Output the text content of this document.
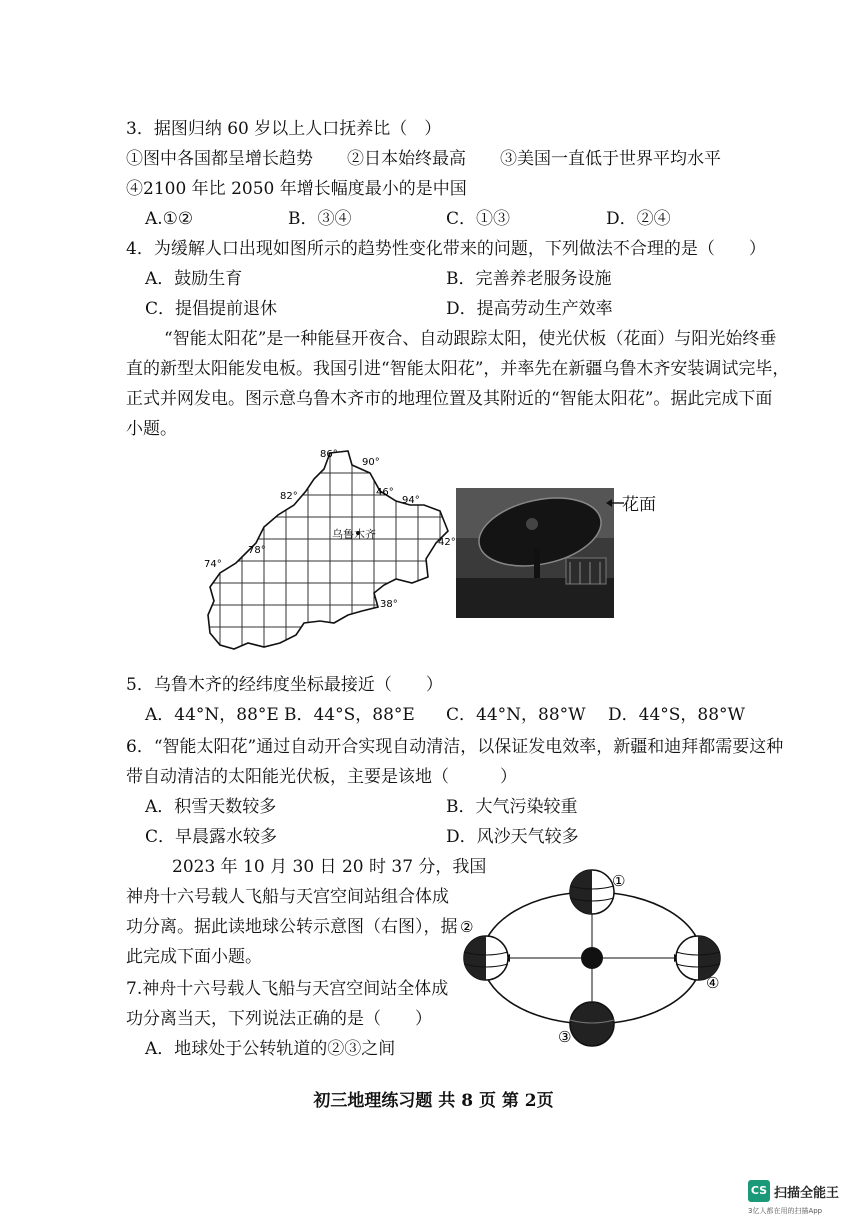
3．据图归纳 60 岁以上人口抚养比（　）
①图中各国都呈增长趋势　　②日本始终最高　　③美国一直低于世界平均水平
④2100 年比 2050 年增长幅度最小的是中国
A.①②	B．③④	C．①③	D．②④
4．为缓解人口出现如图所示的趋势性变化带来的问题，下列做法不合理的是（　　）
A．鼓励生育	B．完善养老服务设施
C．提倡提前退休	D．提高劳动生产效率
“智能太阳花”是一种能昼开夜合、自动跟踪太阳，使光伏板（花面）与阳光始终垂
直的新型太阳能发电板。我国引进“智能太阳花”，并率先在新疆乌鲁木齐安装调试完毕，
正式并网发电。图示意乌鲁木齐市的地理位置及其附近的“智能太阳花”。据此完成下面
小题。
乌鲁木齐
86°
90°
82°	46°
94°
42°
78°
74°
38°
花面
5．乌鲁木齐的经纬度坐标最接近（　　）
A．44°N，88°E B．44°S，88°E C．44°N，88°W D．44°S，88°W
6．“智能太阳花”通过自动开合实现自动清洁，以保证发电效率，新疆和迪拜都需要这种
带自动清洁的太阳能光伏板，主要是该地（　　　）
A．积雪天数较多	B．大气污染较重
C．早晨露水较多	D．风沙天气较多
2023 年 10 月 30 日 20 时 37 分，我国
神舟十六号载人飞船与天宫空间站组合体成
功分离。据此读地球公转示意图（右图），据
此完成下面小题。
7.神舟十六号载人飞船与天宫空间站全体成
功分离当天，下列说法正确的是（　　）
A．地球处于公转轨道的②③之间
①
②
③
④
初三地理练习题 共 8 页 第 2页
CS 扫描全能王
3亿人都在用的扫描App
